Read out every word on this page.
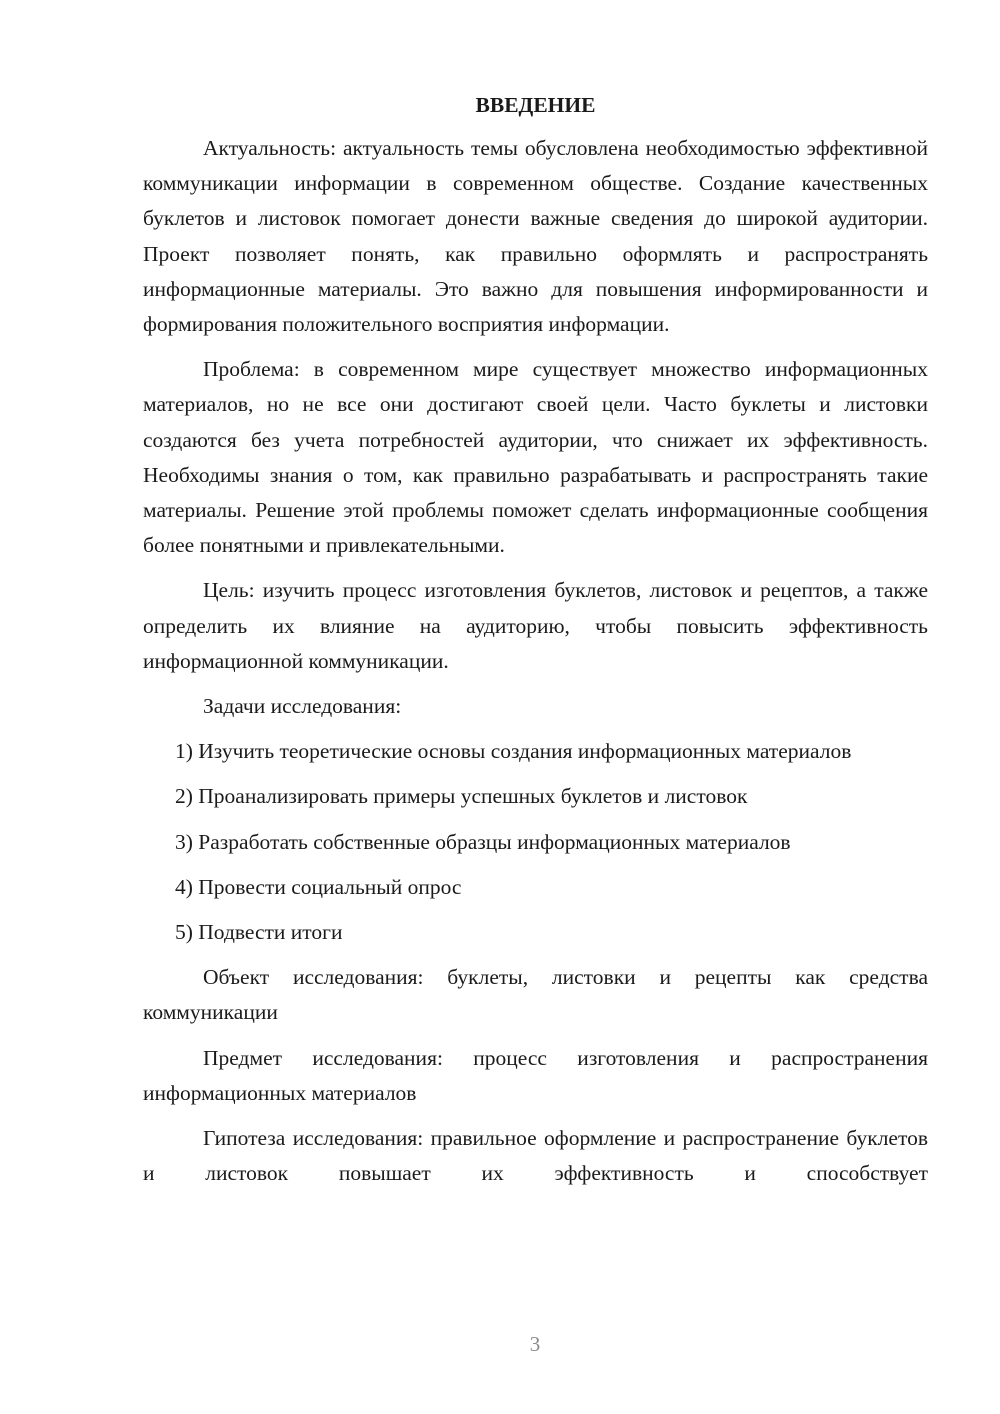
ВВЕДЕНИЕ

Актуальность: актуальность темы обусловлена необходимостью эффективной коммуникации информации в современном обществе. Создание качественных буклетов и листовок помогает донести важные сведения до широкой аудитории. Проект позволяет понять, как правильно оформлять и распространять информационные материалы. Это важно для повышения информированности и формирования положительного восприятия информации.

Проблема: в современном мире существует множество информационных материалов, но не все они достигают своей цели. Часто буклеты и листовки создаются без учета потребностей аудитории, что снижает их эффективность. Необходимы знания о том, как правильно разрабатывать и распространять такие материалы. Решение этой проблемы поможет сделать информационные сообщения более понятными и привлекательными.

Цель: изучить процесс изготовления буклетов, листовок и рецептов, а также определить их влияние на аудиторию, чтобы повысить эффективность информационной коммуникации.

Задачи исследования:

1) Изучить теоретические основы создания информационных материалов

2) Проанализировать примеры успешных буклетов и листовок

3) Разработать собственные образцы информационных материалов

4) Провести социальный опрос

5) Подвести итоги

Объект исследования: буклеты, листовки и рецепты как средства коммуникации

Предмет исследования: процесс изготовления и распространения информационных материалов

Гипотеза исследования: правильное оформление и распространение буклетов и листовок повышает их эффективность и способствует

3
